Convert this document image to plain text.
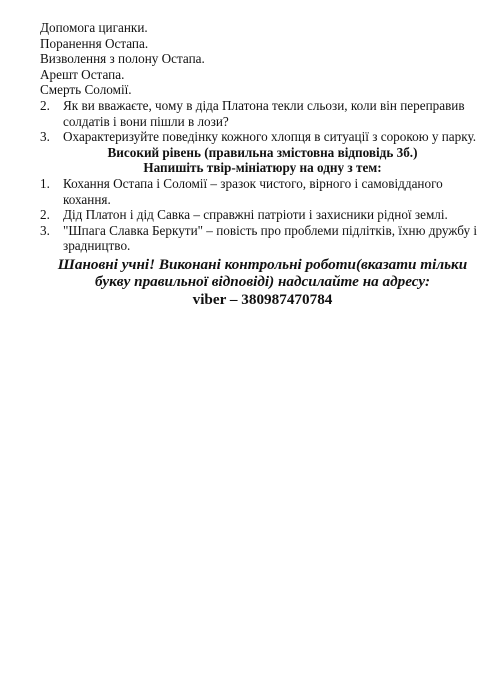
Допомога циганки.
Поранення Остапа.
Визволення з полону Остапа.
Арешт Остапа.
Смерть Соломії.
2. Як ви вважаєте, чому в діда Платона текли сльози, коли він переправив солдатів і вони пішли в лози?
3. Охарактеризуйте поведінку кожного хлопця в ситуації з сорокою у парку.
Високий рівень (правильна змістовна відповідь 3б.)
Напишіть твір-мініатюру на одну з тем:
1. Кохання Остапа і Соломії – зразок чистого, вірного і самовідданого кохання.
2. Дід Платон і дід Савка – справжні патріоти і захисники рідної землі.
3. "Шпага Славка Беркути" – повість про проблеми підлітків, їхню дружбу і зрадництво.
Шановні учні! Виконані контрольні роботи(вказати тільки букву правильної відповіді) надсилайте на адресу:
viber – 380987470784
